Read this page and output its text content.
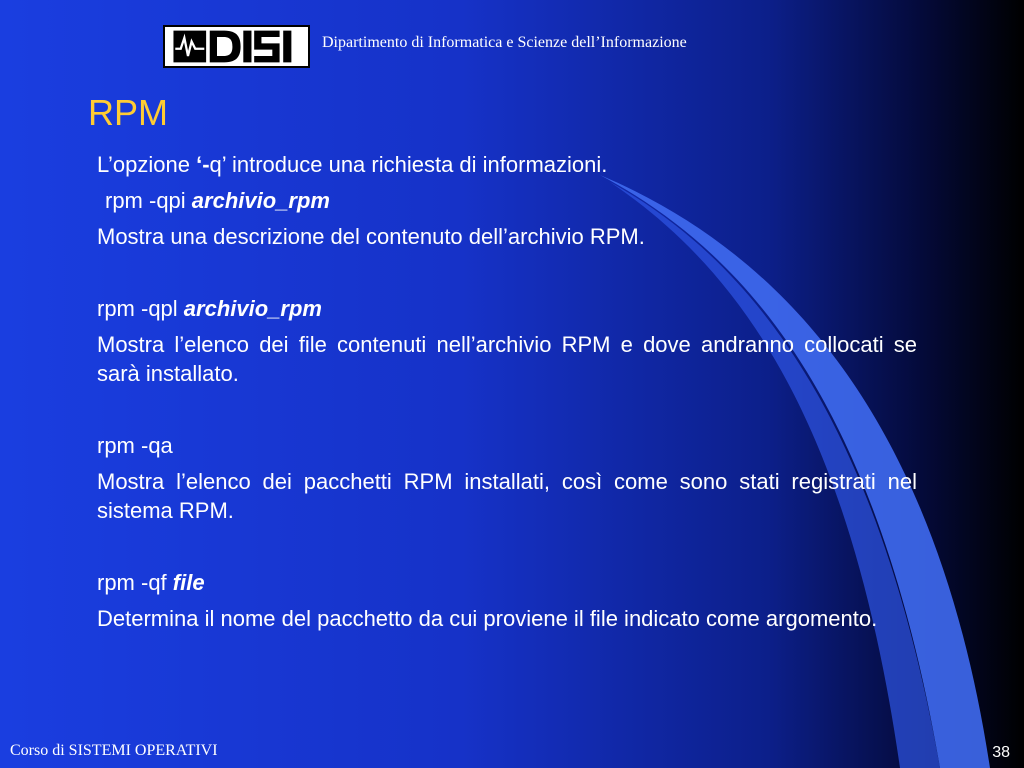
Dipartimento di Informatica e Scienze dell’Informazione
RPM

L’opzione ‘-q’ introduce una richiesta di informazioni.

rpm -qpi archivio_rpm

Mostra una descrizione del contenuto dell’archivio RPM.

rpm -qpl archivio_rpm

Mostra l’elenco dei file contenuti nell’archivio RPM e dove andranno collocati se sarà installato.

rpm -qa

Mostra l’elenco dei pacchetti RPM installati, così come sono stati registrati nel sistema RPM.

rpm -qf file

Determina il nome del pacchetto da cui proviene il file indicato come argomento.

Corso di SISTEMI OPERATIVI	38
